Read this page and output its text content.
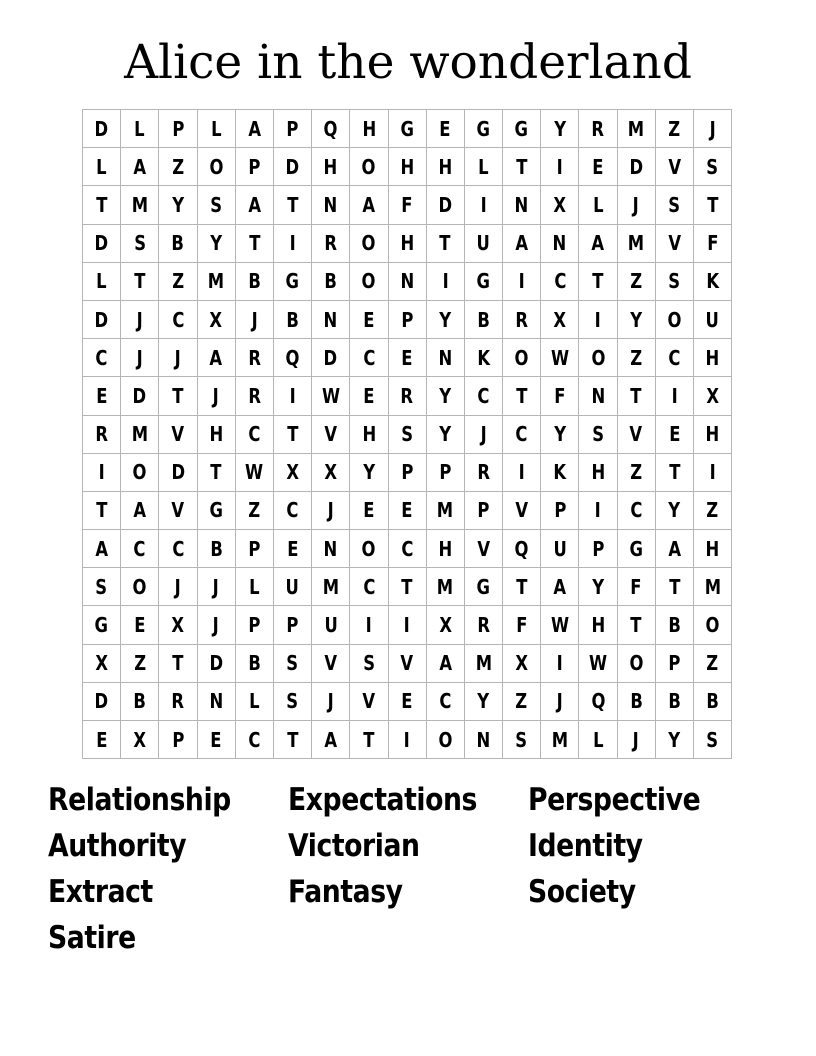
Alice in the wonderland
D	L	P	L	A	P	Q	H	G	E	G	G	Y	R	M	Z	J
L	A	Z	O	P	D	H	O	H	H	L	T	I	E	D	V	S
T	M	Y	S	A	T	N	A	F	D	I	N	X	L	J	S	T
D	S	B	Y	T	I	R	O	H	T	U	A	N	A	M	V	F
L	T	Z	M	B	G	B	O	N	I	G	I	C	T	Z	S	K
D	J	C	X	J	B	N	E	P	Y	B	R	X	I	Y	O	U
C	J	J	A	R	Q	D	C	E	N	K	O	W	O	Z	C	H
E	D	T	J	R	I	W	E	R	Y	C	T	F	N	T	I	X
R	M	V	H	C	T	V	H	S	Y	J	C	Y	S	V	E	H
I	O	D	T	W	X	X	Y	P	P	R	I	K	H	Z	T	I
T	A	V	G	Z	C	J	E	E	M	P	V	P	I	C	Y	Z
A	C	C	B	P	E	N	O	C	H	V	Q	U	P	G	A	H
S	O	J	J	L	U	M	C	T	M	G	T	A	Y	F	T	M
G	E	X	J	P	P	U	I	I	X	R	F	W	H	T	B	O
X	Z	T	D	B	S	V	S	V	A	M	X	I	W	O	P	Z
D	B	R	N	L	S	J	V	E	C	Y	Z	J	Q	B	B	B
E	X	P	E	C	T	A	T	I	O	N	S	M	L	J	Y	S
Relationship	Expectations	Perspective
Authority	Victorian	Identity
Extract	Fantasy	Society
Satire
